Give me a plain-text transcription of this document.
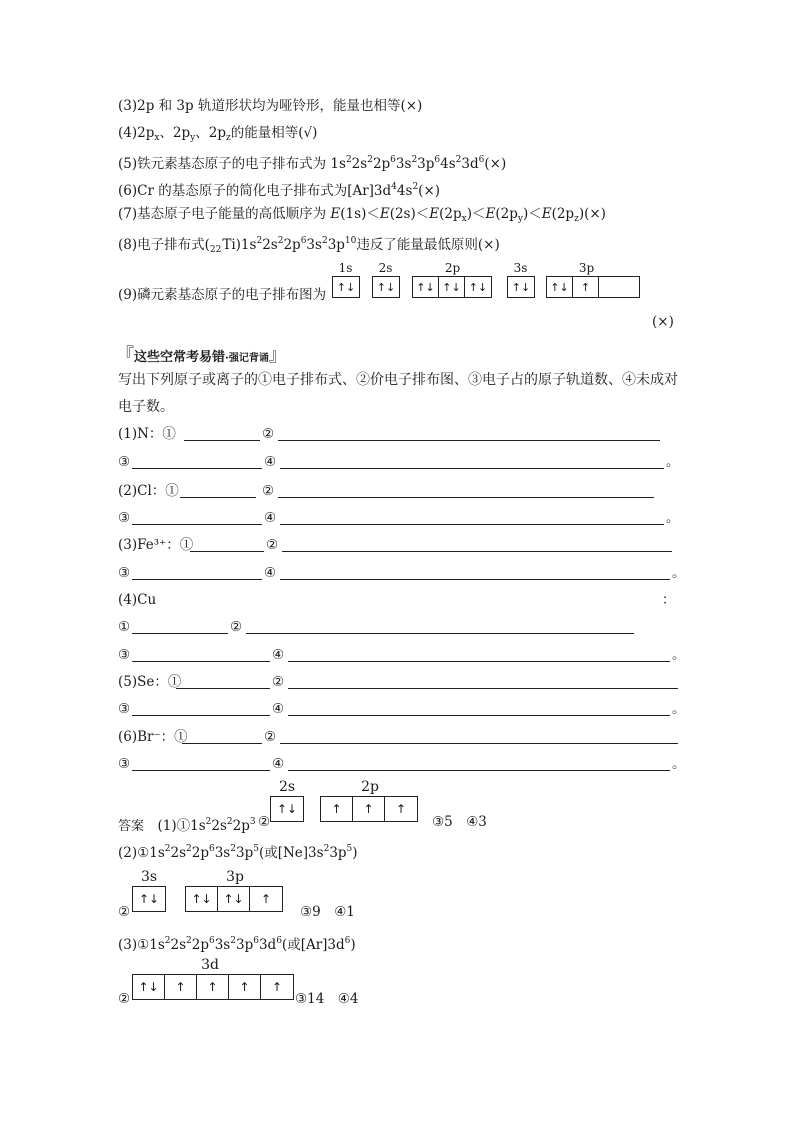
(3)2p 和 3p 轨道形状均为哑铃形，能量也相等(×)
$(4)2p_x$、$2p_y$、$2p_z$的能量相等(√)
(5)铁元素基态原子的电子排布式为 $1s^22s^22p^63s^23p^64s^23d^6(\times)$
(6)Cr 的基态原子的简化电子排布式为$[Ar]3d^44s^2(\times)$
(7)基态原子电子能量的高低顺序为 $E(1s)<E(2s)<E(2p_x)<E(2p_y)<E(2p_z)(\times)$
(8)电子排布式$(_{22}Ti)1s^22s^22p^63s^23p^{10}$违反了能量最低原则(×)
(9)磷元素基态原子的电子排布图为
1s
↑↓
2s
↑↓
2p
↑↓ ↑↓ ↑↓
3s
↑↓
3p
↑↓	↑
(×)
『这些空常考易错·强记背诵』
写出下列原子或离子的①电子排布式、②价电子排布图、③电子占的原子轨道数、④未成对
电子数。
(1)N：①	②
③	④	。
(2)Cl：①	②
③	④	。
(3)Fe³⁺：①	②
③	④	。
(5)Se：①	②
③	④	。
(6)Br⁻：①	②
③	④	。
(4)Cu	：
①	②
③	④	。
答案　 $(1)①1s^22s^22p^3$ ②
2s
↑↓
2p
↑	↑	↑
③5　④3
$(2)①1s^22s^22p^63s^23p^5$(或$[Ne]3s^23p^5$)
②
3s
↑↓
3p
↑↓ ↑↓	↑
③9　④1
$(3)①1s^22s^22p^63s^23p^63d^6$(或$[Ar]3d^6$)
②
3d
↑↓	↑	↑	↑	↑
③14　④4
